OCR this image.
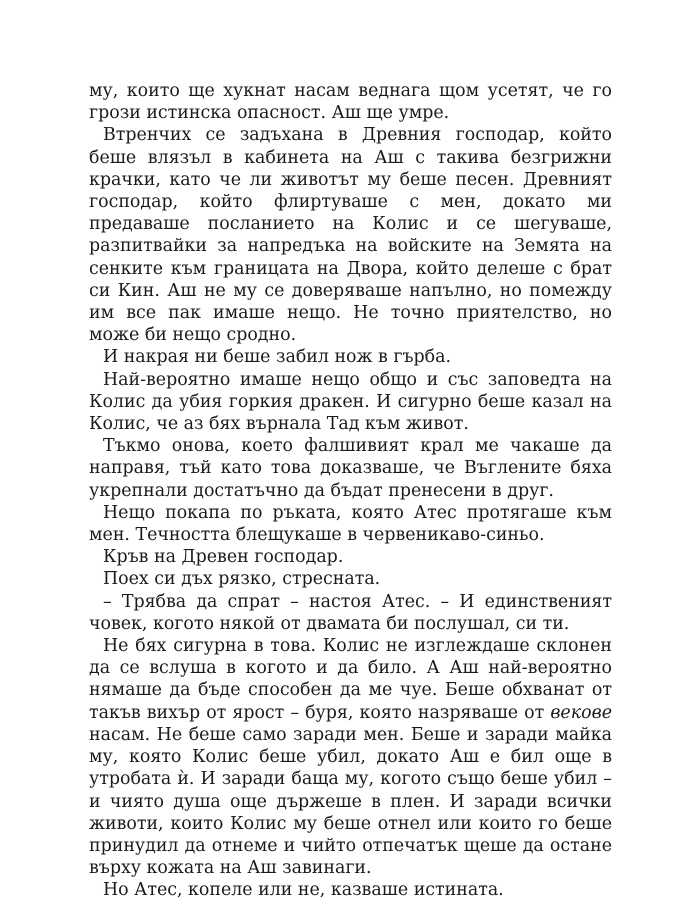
му, които ще хукнат насам веднага щом усетят, че го грози истинска опасност. Аш ще умре.

Втренчих се задъхана в Древния господар, който беше влязъл в кабинета на Аш с такива безгрижни крачки, като че ли животът му беше песен. Древният господар, който флиртуваше с мен, докато ми предаваше посланието на Колис и се шегуваше, разпитвайки за напредъка на войските на Земята на сенките към границата на Двора, който делеше с брат си Кин. Аш не му се доверяваше напълно, но помежду им все пак имаше нещо. Не точно приятелство, но може би нещо сродно.

И накрая ни беше забил нож в гърба.

Най-вероятно имаше нещо общо и със заповедта на Колис да убия горкия дракен. И сигурно беше казал на Колис, че аз бях върнала Тад към живот.

Тъкмо онова, което фалшивият крал ме чакаше да направя, тъй като това доказваше, че Въглените бяха укрепнали достатъчно да бъдат пренесени в друг.

Нещо покапа по ръката, която Атес протягаше към мен. Течността блещукаше в червеникаво-синьо.

Кръв на Древен господар.

Поех си дъх рязко, стресната.

– Трябва да спрат – настоя Атес. – И единственият човек, когото някой от двамата би послушал, си ти.

Не бях сигурна в това. Колис не изглеждаше склонен да се вслуша в когото и да било. А Аш най-вероятно нямаше да бъде способен да ме чуе. Беше обхванат от такъв вихър от ярост – буря, която назряваше от векове насам. Не беше само заради мен. Беше и заради майка му, която Колис беше убил, докато Аш е бил още в утробата ѝ. И заради баща му, когото също беше убил – и чиято душа още държеше в плен. И заради всички животи, които Колис му беше отнел или които го беше принудил да отнеме и чийто отпечатък щеше да остане върху кожата на Аш завинаги.

Но Атес, копеле или не, казваше истината.
